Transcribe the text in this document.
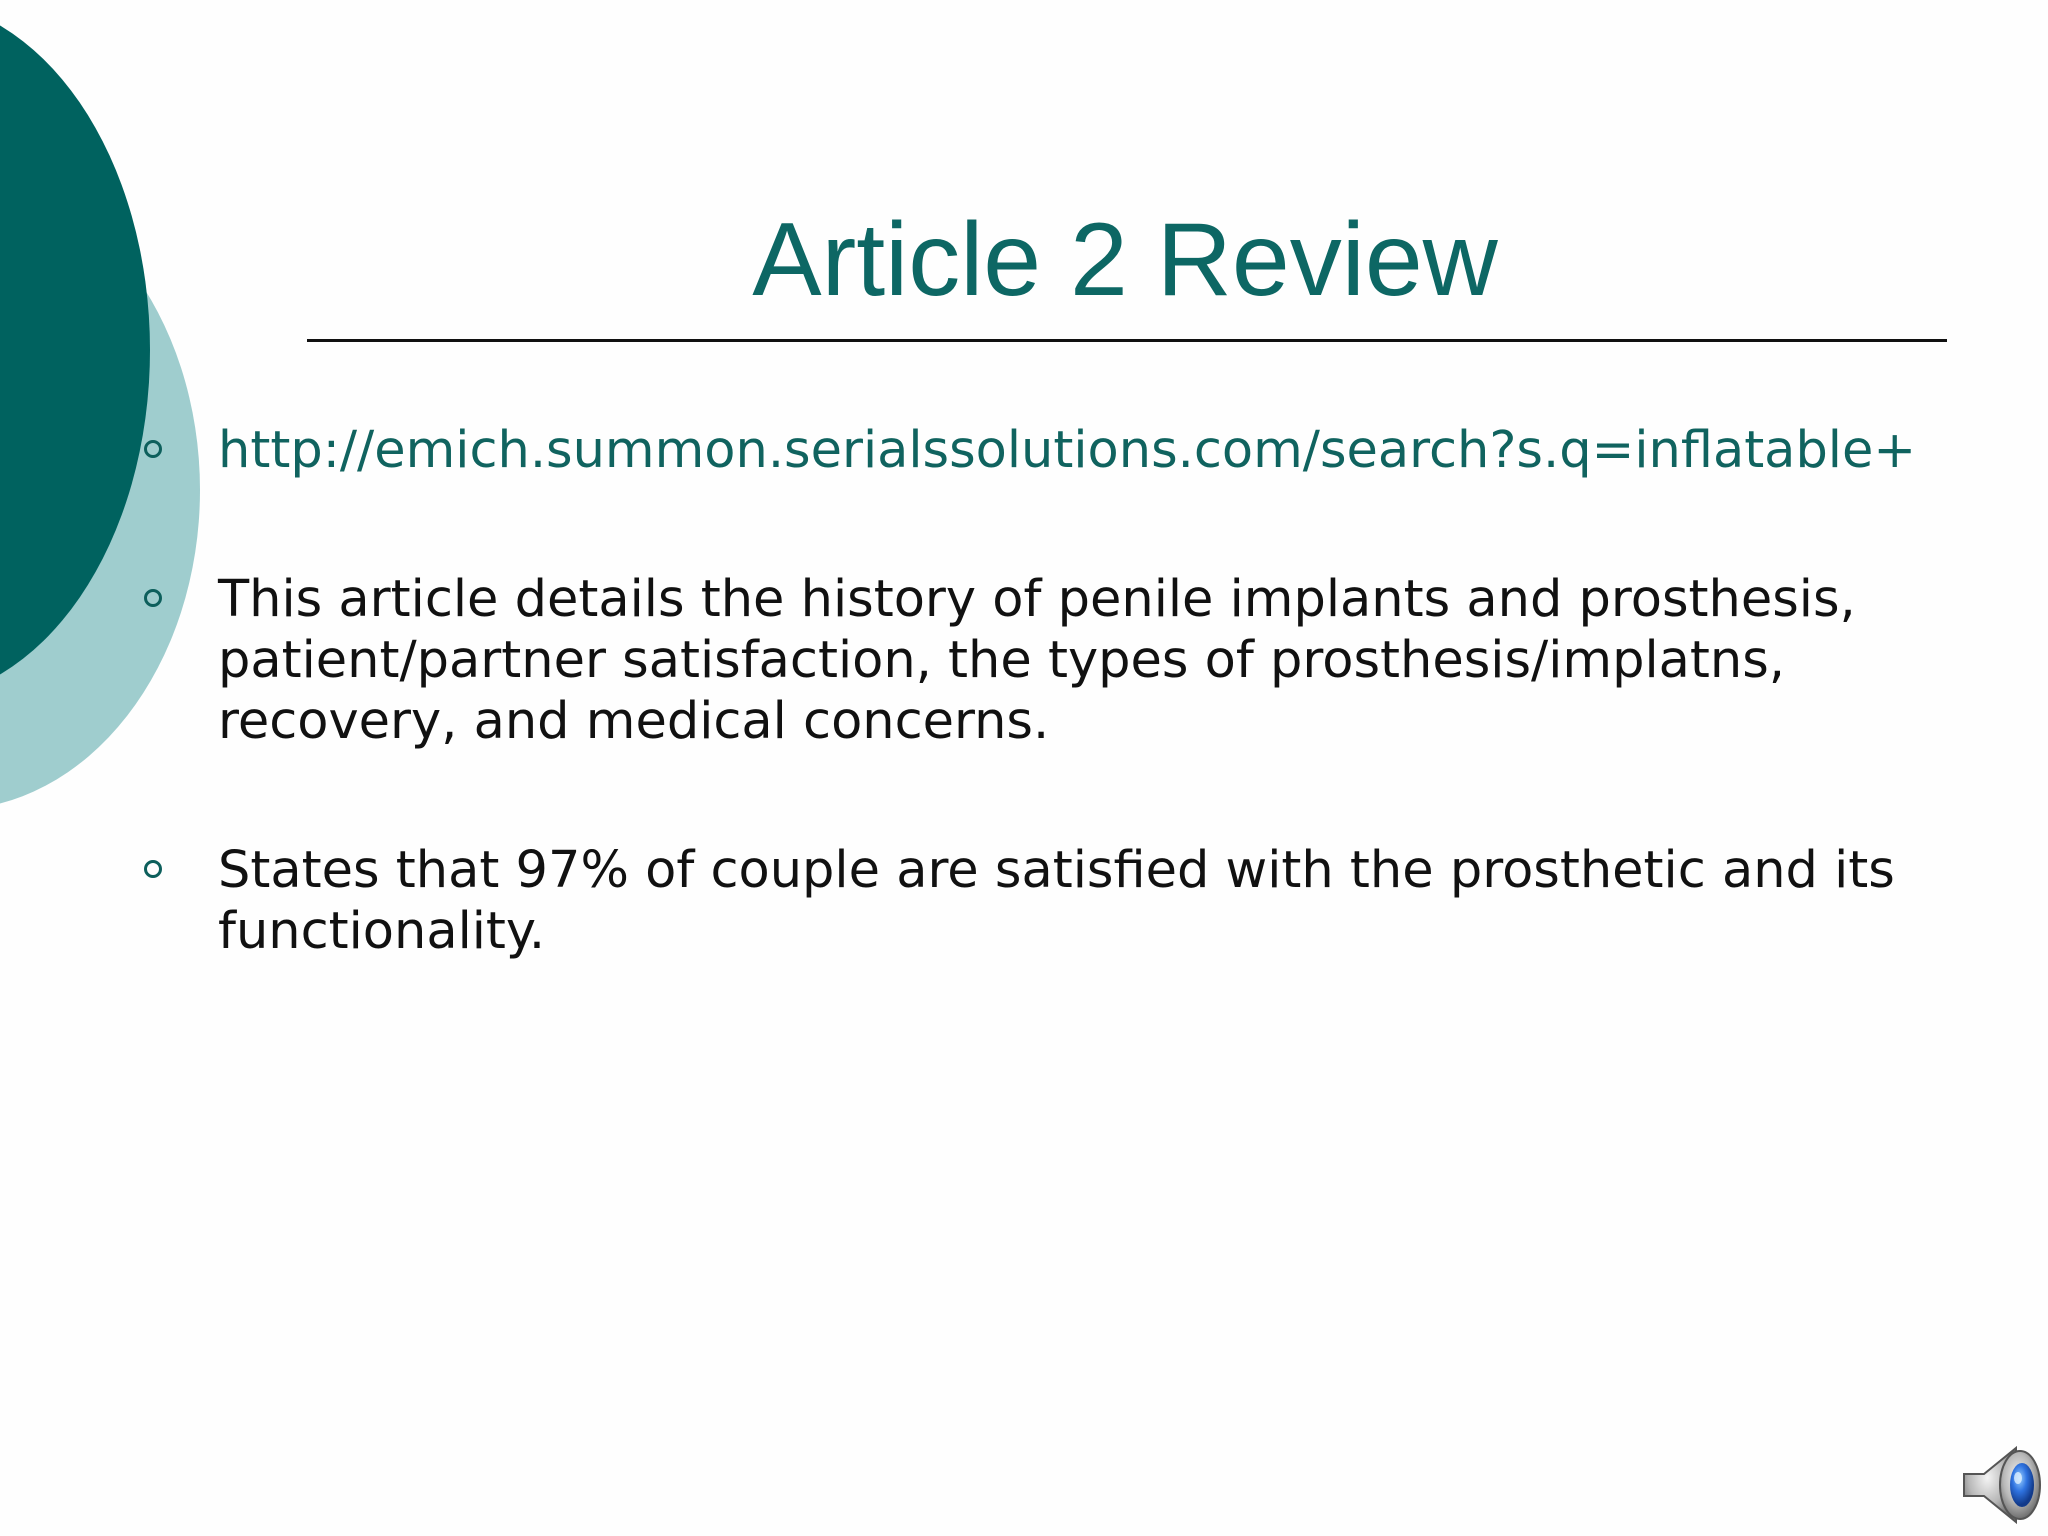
Article 2 Review
http://emich.summon.serialssolutions.com/search?s.q=inflatable+
This article details the history of penile implants and prosthesis, patient/partner satisfaction, the types of prosthesis/implatns, recovery, and medical concerns.
States that 97% of couple are satisfied with the prosthetic and its functionality.
